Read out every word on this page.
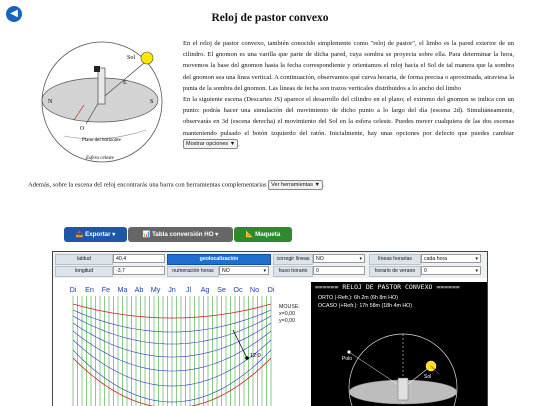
◀	Reloj de pastor convexo
Sol
E
N	S
O
Plano del horizonte
Esfera celeste

En el reloj de pastor convexo, también conocido simplemente como "reloj de pastor", el limbo es la pared exterior de un cilindro. El gnomon es una varilla que parte de dicha pared, cuya sombra se proyecta sobre ella. Para determinar la hora, movemos la base del gnomon hasta la fecha correspondiente y orientamos el reloj hacia el Sol de tal manera que la sombra del gnomon sea una línea vertical. A continuación, observamos qué curva horaria, de forma precisa o aproximada, atraviesa la punta de la sombra del gnomon. Las líneas de fecha son trazos verticales distribuidos a lo ancho del limbo

En la siguiente escena (Descartes JS) aparece el desarrollo del cilindro en el plano; el extremo del gnomon se indica con un punto: podrás hacer una simulación del movimiento de dicho punto a lo largo del día (escena 2d). Simultáneamente, observarás en 3d (escena derecha) el movimiento del Sol en la esfera celeste. Puedes mover cualquiera de las dos escenas manteniendo pulsado el botón izquierdo del ratón. Inicialmente, hay unas opciones por defecto que puedes cambiar Mostrar opciones ▼ .

Además, sobre la escena del reloj encontrarás una barra con herramientas complementarias Ver herramientas ▼ .
📤 Exportar ▾	📊 Tabla conversión HO ▾	📐 Maqueta
latitud	40,4
longitud	-3,7
geolocalización
numeración horas	NO ▾
corregir líneas	NO ▾
huso horario	0
líneas horarias	cada hora ▾
horario de verano	0 ▾
Di En Fe Ma Ab My Jn Jl Ag Se Oc No Di
12:0
MOUSE:
x=0,00
y=0,00
====== RELOJ DE PASTOR CONVEXO ======
ORTO (-Refr.): 6h 2m (6h 8m HO)
OCASO (+Refr.): 17h 58m (18h 4m HO)
Polo
Sol
